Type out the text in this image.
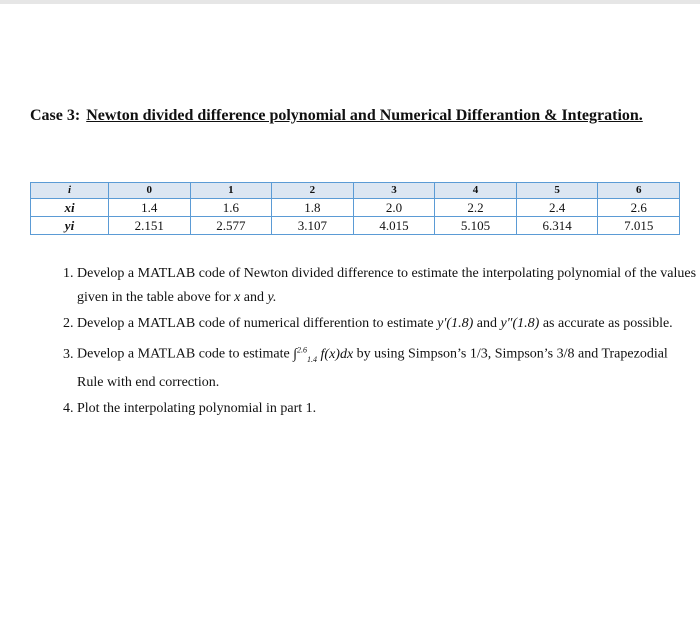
Case 3: Newton divided difference polynomial and Numerical Differantion & Integration.
i	0	1	2	3	4	5	6
xi	1.4	1.6	1.8	2.0	2.2	2.4	2.6
yi	2.151	2.577	3.107	4.015	5.105	6.314	7.015
1. Develop a MATLAB code of Newton divided difference to estimate the interpolating polynomial of the values given in the table above for x and y.
2. Develop a MATLAB code of numerical differention to estimate y′(1.8) and y″(1.8) as accurate as possible.
3. Develop a MATLAB code to estimate ∫$^{2.6}_{1.4}$ f(x)dx by using Simpson’s 1/3, Simpson’s 3/8 and Trapezodial Rule with end correction.
4. Plot the interpolating polynomial in part 1.
